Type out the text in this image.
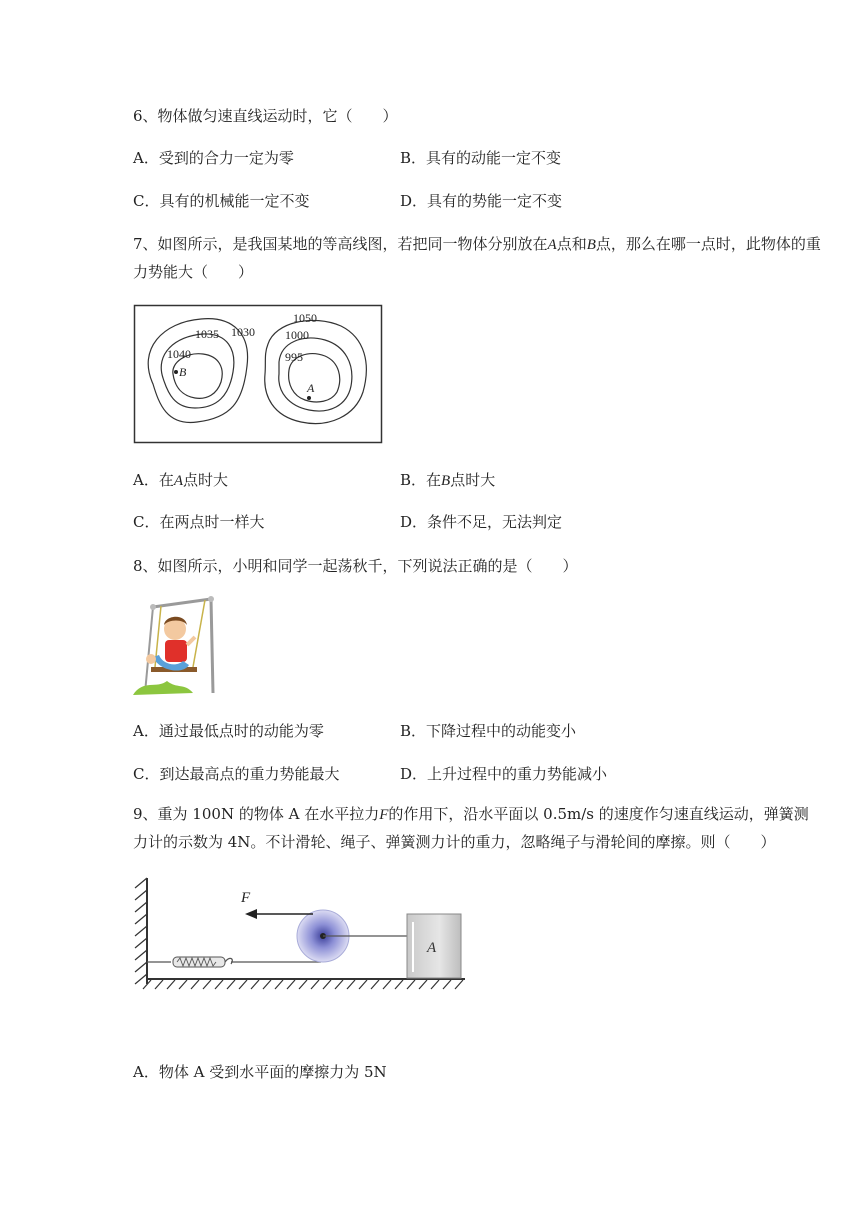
6、物体做匀速直线运动时，它（　　）
A．受到的合力一定为零	B．具有的动能一定不变
C．具有的机械能一定不变	D．具有的势能一定不变
7、如图所示，是我国某地的等高线图，若把同一物体分别放在A点和B点，那么在哪一点时，此物体的重力势能大（　　）
1035 1030
1040
B
1050
1000
995
A
A．在A点时大	B．在B点时大
C．在两点时一样大	D．条件不足，无法判定
8、如图所示，小明和同学一起荡秋千，下列说法正确的是（　　）
A．通过最低点时的动能为零	B．下降过程中的动能变小
C．到达最高点的重力势能最大	D．上升过程中的重力势能减小
9、重为 100N 的物体 A 在水平拉力F的作用下，沿水平面以 0.5m/s 的速度作匀速直线运动，弹簧测力计的示数为 4N。不计滑轮、绳子、弹簧测力计的重力，忽略绳子与滑轮间的摩擦。则（　　）
A
F
A．物体 A 受到水平面的摩擦力为 5N
